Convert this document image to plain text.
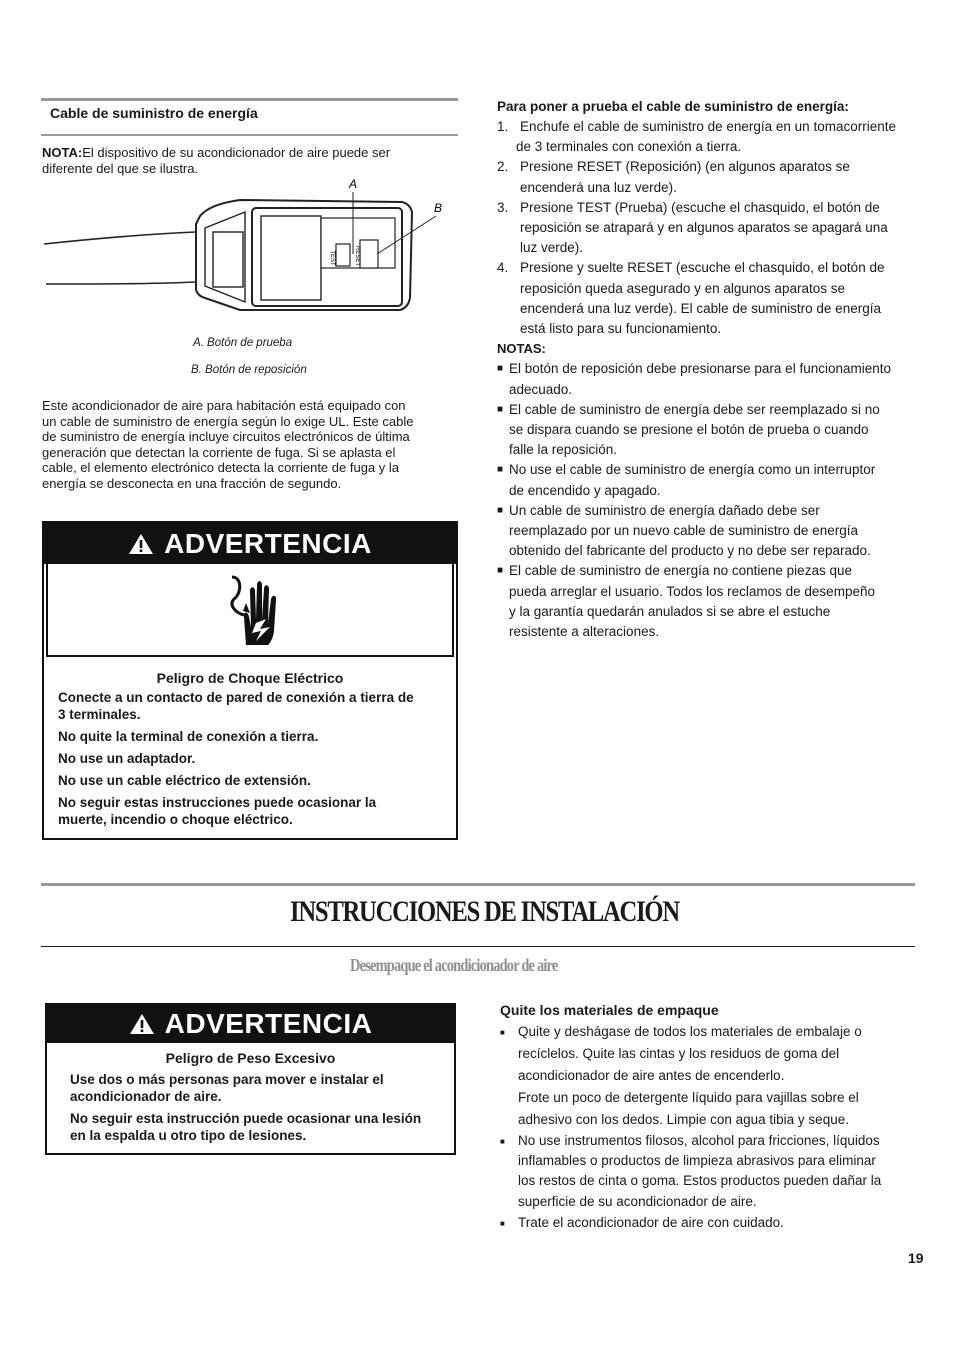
Cable de suministro de energía
NOTA:El dispositivo de su acondicionador de aire puede ser diferente del que se ilustra.
TEST	RESET
A
B
A. Botón de prueba
B. Botón de reposición
Este acondicionador de aire para habitación está equipado con
un cable de suministro de energía según lo exige UL. Este cable
de suministro de energía incluye circuitos electrónicos de última
generación que detectan la corriente de fuga. Si se aplasta el
cable, el elemento electrónico detecta la corriente de fuga y la
energía se desconecta en una fracción de segundo.
ADVERTENCIA
Peligro de Choque Eléctrico
Conecte a un contacto de pared de conexión a tierra de
3 terminales.
No quite la terminal de conexión a tierra.
No use un adaptador.
No use un cable eléctrico de extensión.
No seguir estas instrucciones puede ocasionar la
muerte, incendio o choque eléctrico.
Para poner a prueba el cable de suministro de energía:
1. Enchufe el cable de suministro de energía en un tomacorriente
de 3 terminales con conexión a tierra.
2. Presione RESET (Reposición) (en algunos aparatos se
encenderá una luz verde).
3. Presione TEST (Prueba) (escuche el chasquido, el botón de
reposición se atrapará y en algunos aparatos se apagará una
luz verde).
4. Presione y suelte RESET (escuche el chasquido, el botón de
reposición queda asegurado y en algunos aparatos se
encenderá una luz verde). El cable de suministro de energía
está listo para su funcionamiento.
NOTAS:
■ El botón de reposición debe presionarse para el funcionamiento
adecuado.
■ El cable de suministro de energía debe ser reemplazado si no
se dispara cuando se presione el botón de prueba o cuando
falle la reposición.
■ No use el cable de suministro de energía como un interruptor
de encendido y apagado.
■ Un cable de suministro de energía dañado debe ser
reemplazado por un nuevo cable de suministro de energía
obtenido del fabricante del producto y no debe ser reparado.
■ El cable de suministro de energía no contiene piezas que
pueda arreglar el usuario. Todos los reclamos de desempeño
y la garantía quedarán anulados si se abre el estuche
resistente a alteraciones.
INSTRUCCIONES DE INSTALACIÓN
Desempaque el acondicionador de aire
ADVERTENCIA
Peligro de Peso Excesivo
Use dos o más personas para mover e instalar el
acondicionador de aire.
No seguir esta instrucción puede ocasionar una lesión
en la espalda u otro tipo de lesiones.
Quite los materiales de empaque
■ Quite y deshágase de todos los materiales de embalaje o
recíclelos. Quite las cintas y los residuos de goma del
acondicionador de aire antes de encenderlo.
Frote un poco de detergente líquido para vajillas sobre el
adhesivo con los dedos. Limpie con agua tibia y seque.
■ No use instrumentos filosos, alcohol para fricciones, líquidos
inflamables o productos de limpieza abrasivos para eliminar
los restos de cinta o goma. Estos productos pueden dañar la
superficie de su acondicionador de aire.
■ Trate el acondicionador de aire con cuidado.
19
